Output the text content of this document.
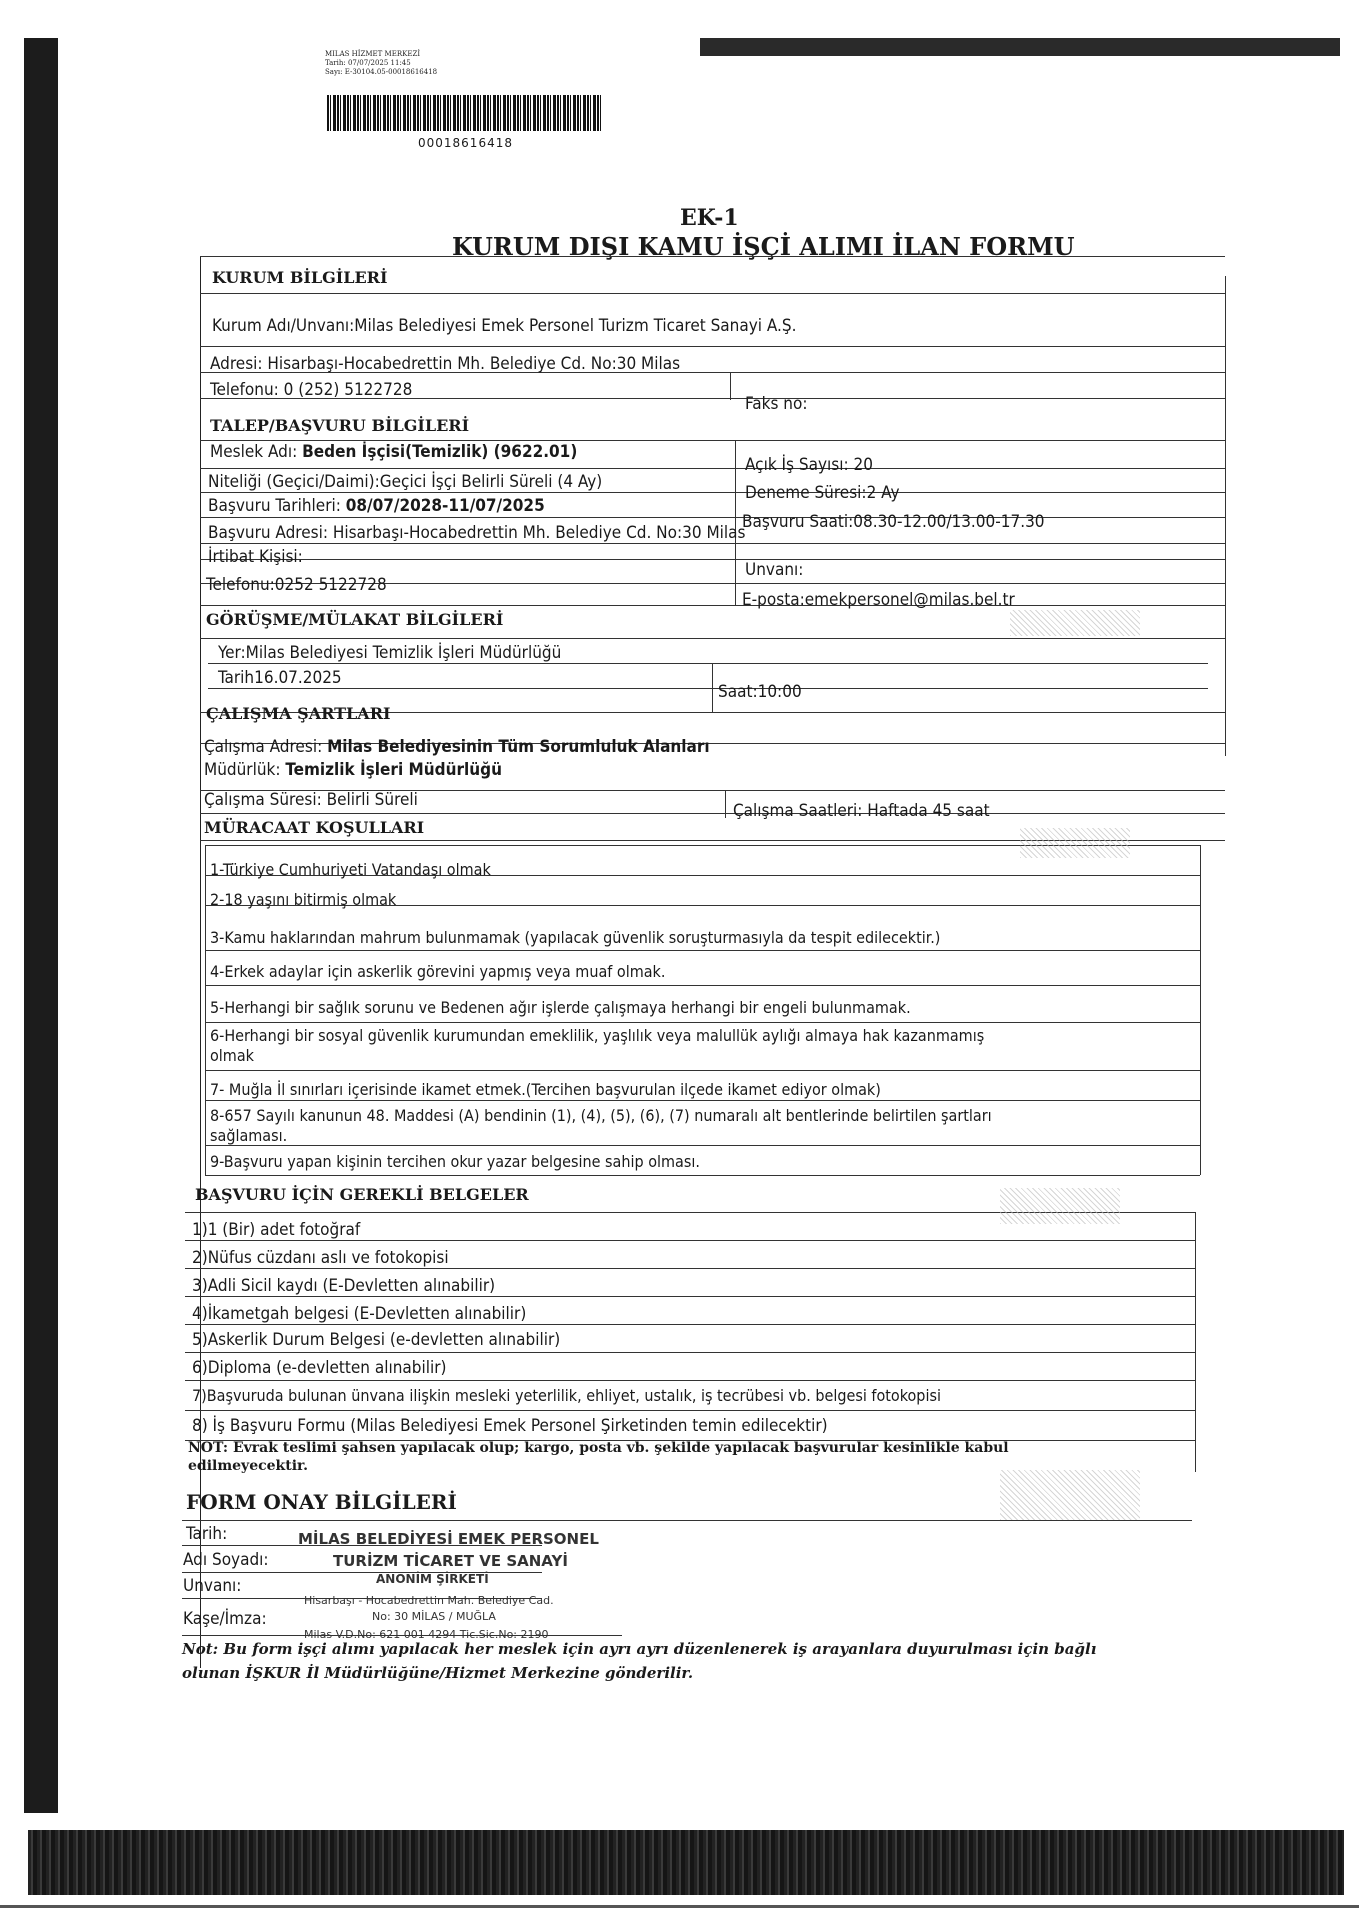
MILAS HİZMET MERKEZİ
Tarih: 07/07/2025 11:45
Sayı: E-30104.05-00018616418
00018616418
EK-1
KURUM DIŞI KAMU İŞÇİ ALIMI İLAN FORMU
KURUM BİLGİLERİ
Kurum Adı/Unvanı:Milas Belediyesi Emek Personel Turizm Ticaret Sanayi A.Ş.
Adresi: Hisarbaşı-Hocabedrettin Mh. Belediye Cd. No:30 Milas
Telefonu: 0 (252) 5122728
Faks no:
TALEP/BAŞVURU BİLGİLERİ
Meslek Adı: Beden İşçisi(Temizlik) (9622.01)
Açık İş Sayısı: 20
Niteliği (Geçici/Daimi):Geçici İşçi Belirli Süreli (4 Ay)
Deneme Süresi:2 Ay
Başvuru Tarihleri: 08/07/2028-11/07/2025
Başvuru Saati:08.30-12.00/13.00-17.30
Başvuru Adresi: Hisarbaşı-Hocabedrettin Mh. Belediye Cd. No:30 Milas
İrtibat Kişisi:
Unvanı:
Telefonu:0252 5122728
E-posta:emekpersonel@milas.bel.tr
GÖRÜŞME/MÜLAKAT BİLGİLERİ
Yer:Milas Belediyesi Temizlik İşleri Müdürlüğü
Tarih16.07.2025
Saat:10:00
ÇALIŞMA ŞARTLARI
Çalışma Adresi: Milas Belediyesinin Tüm Sorumluluk Alanları
Müdürlük: Temizlik İşleri Müdürlüğü
Çalışma Süresi: Belirli Süreli
Çalışma Saatleri: Haftada 45 saat
MÜRACAAT KOŞULLARI
1-Türkiye Cumhuriyeti Vatandaşı olmak
2-18 yaşını bitirmiş olmak
3-Kamu haklarından mahrum bulunmamak (yapılacak güvenlik soruşturmasıyla da tespit edilecektir.)
4-Erkek adaylar için askerlik görevini yapmış veya muaf olmak.
5-Herhangi bir sağlık sorunu ve Bedenen ağır işlerde çalışmaya herhangi bir engeli bulunmamak.
6-Herhangi bir sosyal güvenlik kurumundan emeklilik, yaşlılık veya malullük aylığı almaya hak kazanmamış
olmak
7- Muğla İl sınırları içerisinde ikamet etmek.(Tercihen başvurulan ilçede ikamet ediyor olmak)
8-657 Sayılı kanunun 48. Maddesi (A) bendinin (1), (4), (5), (6), (7) numaralı alt bentlerinde belirtilen şartları
sağlaması.
9-Başvuru yapan kişinin tercihen okur yazar belgesine sahip olması.
BAŞVURU İÇİN GEREKLİ BELGELER
1)1 (Bir) adet fotoğraf
2)Nüfus cüzdanı aslı ve fotokopisi
3)Adli Sicil kaydı (E-Devletten alınabilir)
4)İkametgah belgesi (E-Devletten alınabilir)
5)Askerlik Durum Belgesi (e-devletten alınabilir)
6)Diploma (e-devletten alınabilir)
7)Başvuruda bulunan ünvana ilişkin mesleki yeterlilik, ehliyet, ustalık, iş tecrübesi vb. belgesi fotokopisi
8) İş Başvuru Formu (Milas Belediyesi Emek Personel Şirketinden temin edilecektir)
NOT: Evrak teslimi şahsen yapılacak olup; kargo, posta vb. şekilde yapılacak başvurular kesinlikle kabul
edilmeyecektir.
FORM ONAY BİLGİLERİ
Tarih:
Adı Soyadı:
Unvanı:
Kaşe/İmza:
MİLAS BELEDİYESİ EMEK PERSONEL
TURİZM TİCARET VE SANAYİ
ANONİM ŞİRKETİ
Hisarbaşı - Hocabedrettin Mah. Belediye Cad.
No: 30 MİLAS / MUĞLA
Milas V.D.No: 621 001 4294 Tic.Sic.No: 2190
Not: Bu form işçi alımı yapılacak her meslek için ayrı ayrı düzenlenerek iş arayanlara duyurulması için bağlı
olunan İŞKUR İl Müdürlüğüne/Hizmet Merkezine gönderilir.
